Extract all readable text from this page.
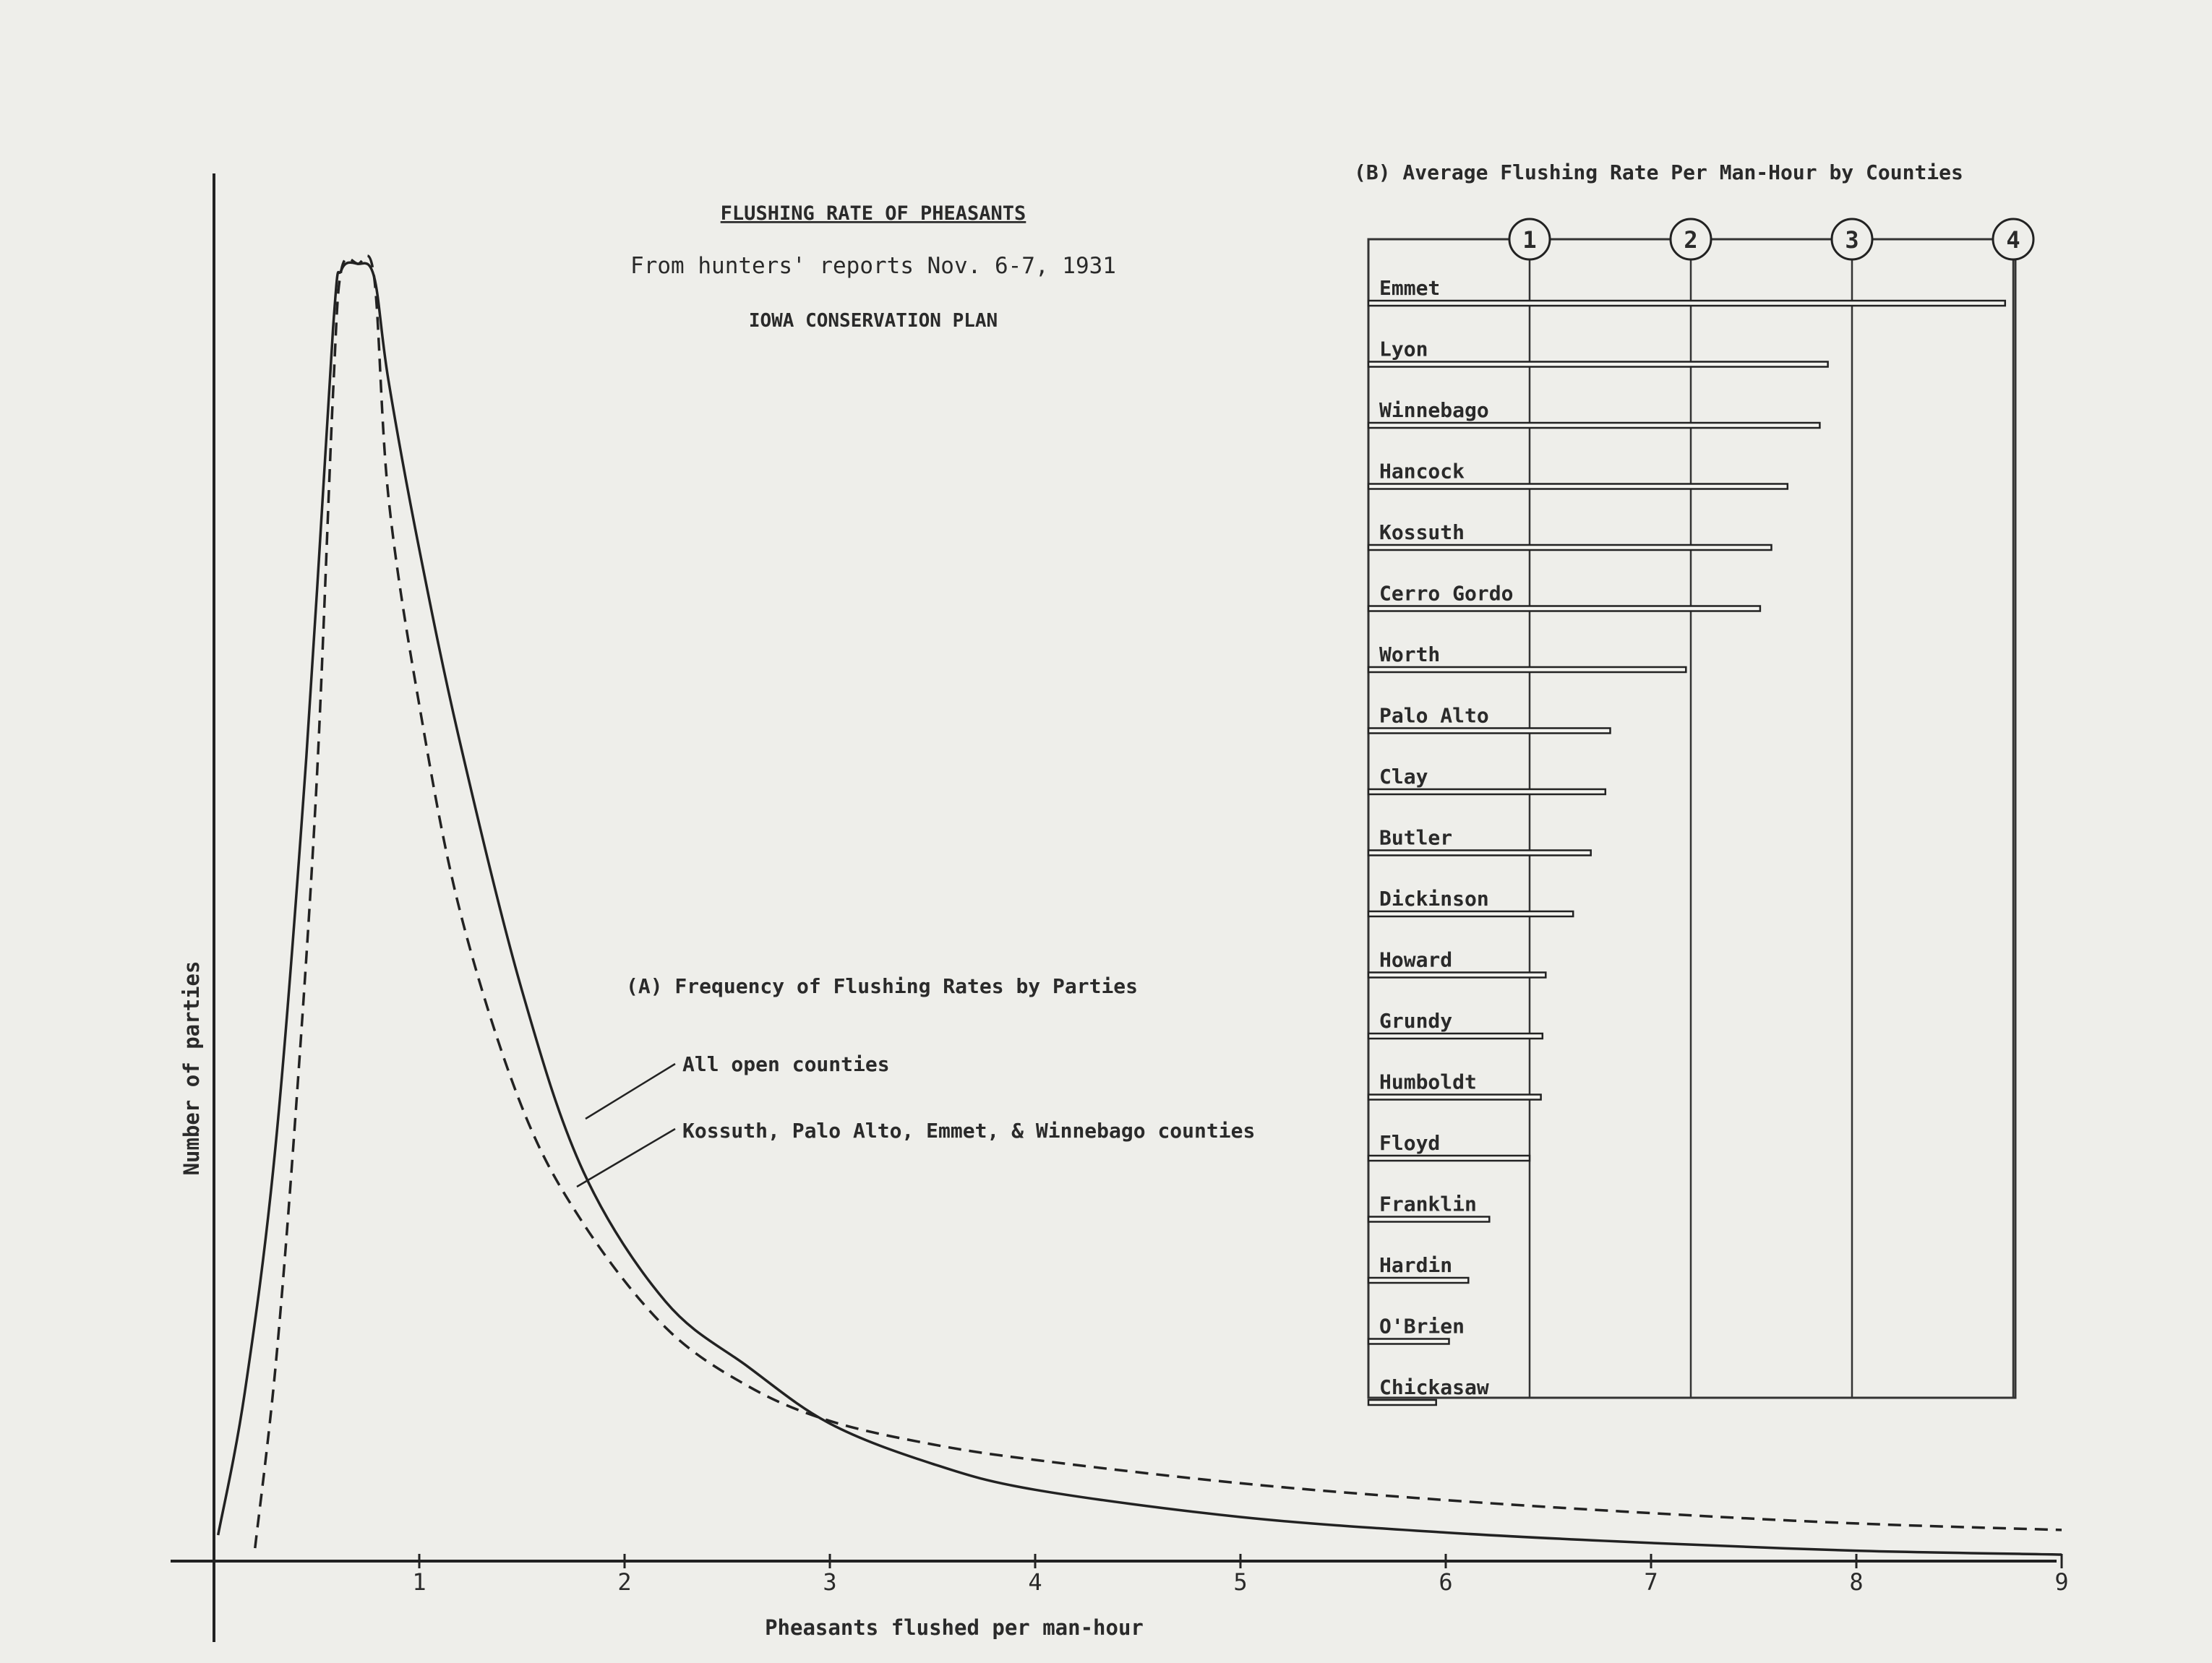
FLUSHING RATE OF PHEASANTS
From hunters' reports Nov. 6-7, 1931
IOWA CONSERVATION PLAN
1	2	3	4	5	6	7	8	9
Pheasants flushed per man-hour
Number of parties	(A) Frequency of Flushing Rates by Parties
All open counties
Kossuth, Palo Alto, Emmet, & Winnebago counties
(B) Average Flushing Rate Per Man-Hour by Counties
1	2	3	4
Emmet
Lyon
Winnebago
Hancock
Kossuth
Cerro Gordo
Worth
Palo Alto
Clay
Butler
Dickinson
Howard
Grundy
Humboldt
Floyd
Franklin
Hardin
O'Brien
Chickasaw
